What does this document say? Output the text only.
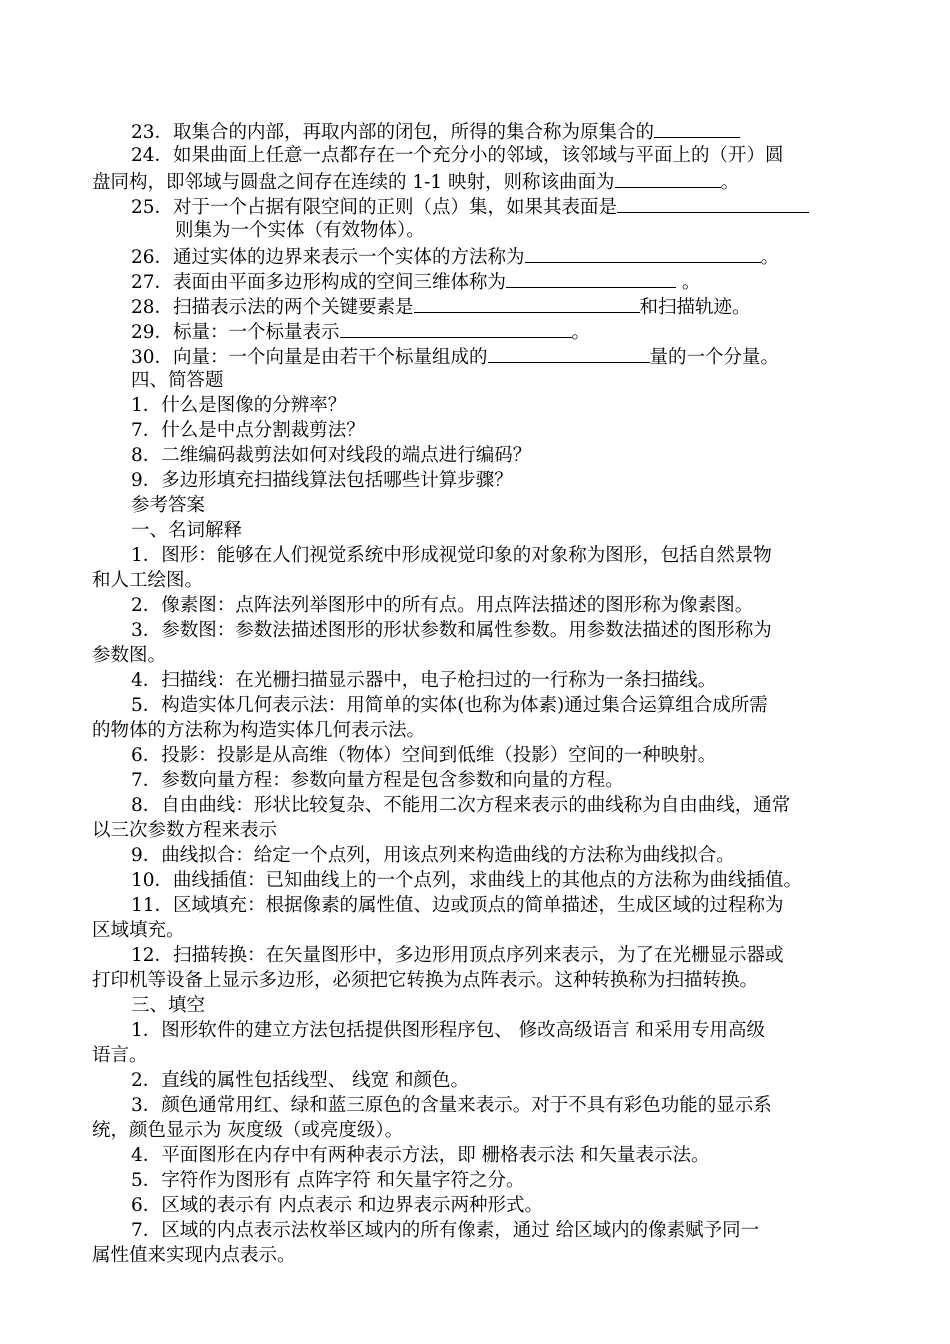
23．取集合的内部，再取内部的闭包，所得的集合称为原集合的
24．如果曲面上任意一点都存在一个充分小的邻域，该邻域与平面上的（开）圆
盘同构，即邻域与圆盘之间存在连续的 1-1 映射，则称该曲面为	。
25．对于一个占据有限空间的正则（点）集，如果其表面是
则集为一个实体（有效物体）。
26．通过实体的边界来表示一个实体的方法称为	。
27．表面由平面多边形构成的空间三维体称为	。
28．扫描表示法的两个关键要素是	和扫描轨迹。
29．标量：一个标量表示	。
30．向量：一个向量是由若干个标量组成的	量的一个分量。
四、简答题
1．什么是图像的分辨率？
7．什么是中点分割裁剪法？
8．二维编码裁剪法如何对线段的端点进行编码？
9．多边形填充扫描线算法包括哪些计算步骤？
参考答案
一、名词解释
1．图形：能够在人们视觉系统中形成视觉印象的对象称为图形，包括自然景物
和人工绘图。
2．像素图：点阵法列举图形中的所有点。用点阵法描述的图形称为像素图。
3．参数图：参数法描述图形的形状参数和属性参数。用参数法描述的图形称为
参数图。
4．扫描线：在光栅扫描显示器中，电子枪扫过的一行称为一条扫描线。
5．构造实体几何表示法：用简单的实体(也称为体素)通过集合运算组合成所需
的物体的方法称为构造实体几何表示法。
6．投影：投影是从高维（物体）空间到低维（投影）空间的一种映射。
7．参数向量方程：参数向量方程是包含参数和向量的方程。
8．自由曲线：形状比较复杂、不能用二次方程来表示的曲线称为自由曲线，通常
以三次参数方程来表示
9．曲线拟合：给定一个点列，用该点列来构造曲线的方法称为曲线拟合。
10．曲线插值：已知曲线上的一个点列，求曲线上的其他点的方法称为曲线插值。
11．区域填充：根据像素的属性值、边或顶点的简单描述，生成区域的过程称为
区域填充。
12．扫描转换：在矢量图形中，多边形用顶点序列来表示，为了在光栅显示器或
打印机等设备上显示多边形，必须把它转换为点阵表示。这种转换称为扫描转换。
三、填空
1．图形软件的建立方法包括提供图形程序包、 修改高级语言 和采用专用高级
语言。
2．直线的属性包括线型、 线宽 和颜色。
3．颜色通常用红、绿和蓝三原色的含量来表示。对于不具有彩色功能的显示系
统，颜色显示为 灰度级（或亮度级）。
4．平面图形在内存中有两种表示方法，即 栅格表示法 和矢量表示法。
5．字符作为图形有 点阵字符 和矢量字符之分。
6．区域的表示有 内点表示 和边界表示两种形式。
7．区域的内点表示法枚举区域内的所有像素，通过 给区域内的像素赋予同一
属性值来实现内点表示。
